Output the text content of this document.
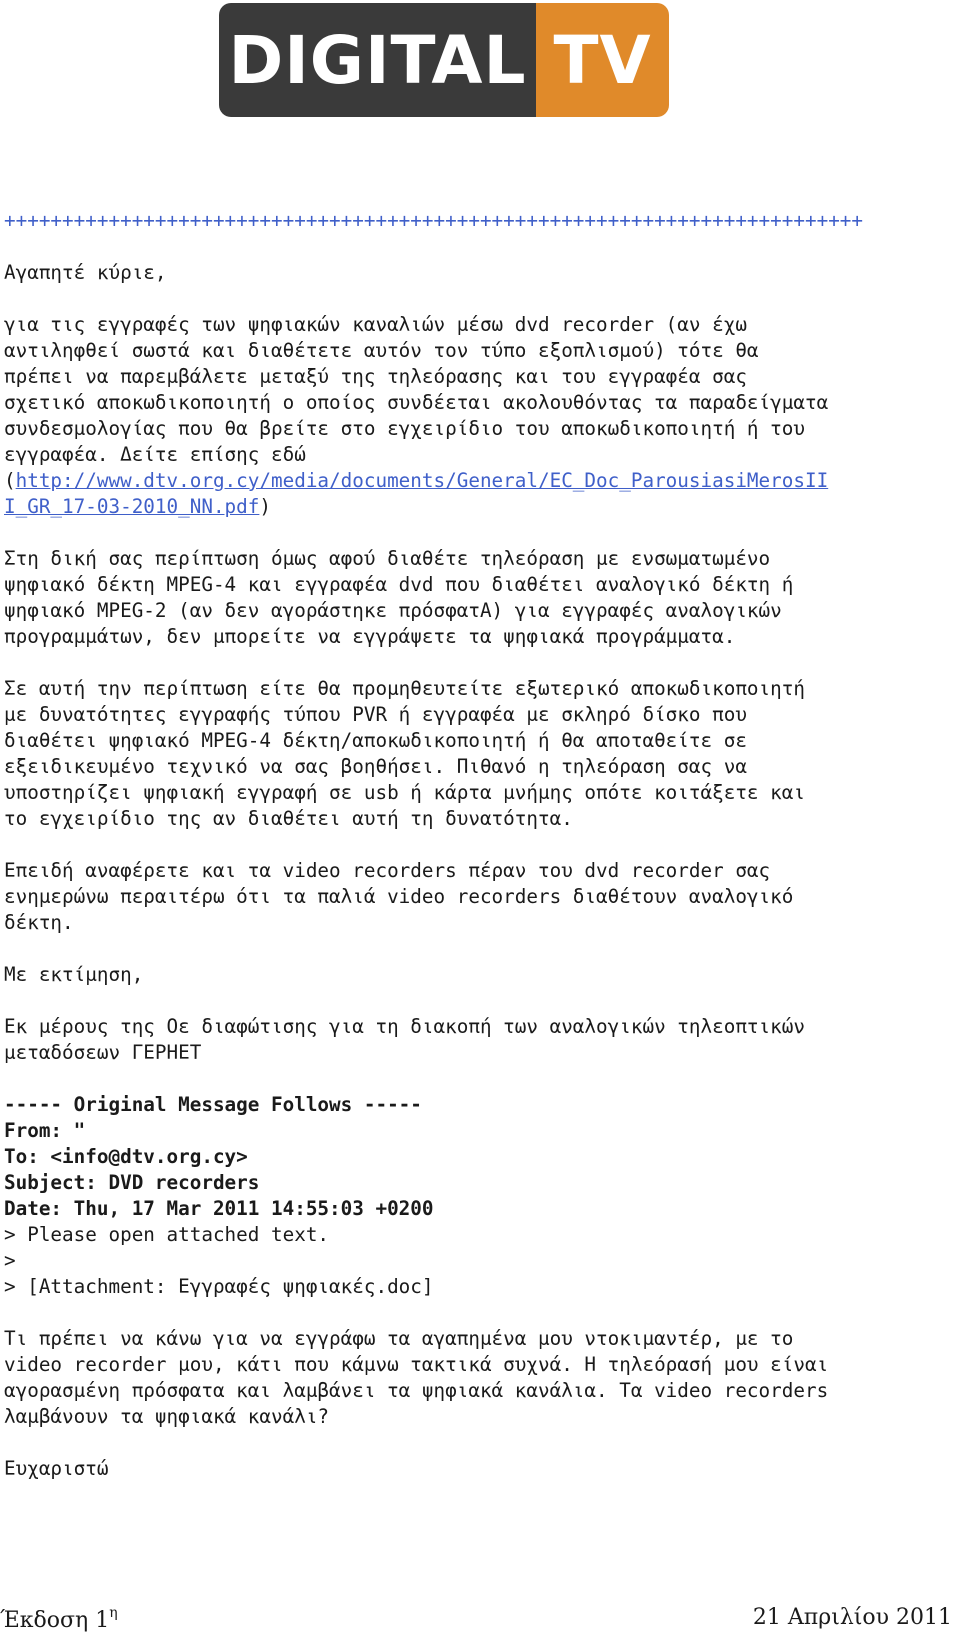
DIGITAL TV
++++++++++++++++++++++++++++++++++++++++++++++++++++++++++++++++++++++++++

Αγαπητέ κύριε,

για τις εγγραφές των ψηφιακών καναλιών μέσω dvd recorder (αν έχω

αντιληφθεί σωστά και διαθέτετε αυτόν τον τύπο εξοπλισμού) τότε θα

πρέπει να παρεμβάλετε μεταξύ της τηλεόρασης και του εγγραφέα σας

σχετικό αποκωδικοποιητή ο οποίος συνδέεται ακολουθόντας τα παραδείγματα

συνδεσμολογίας που θα βρείτε στο εγχειρίδιο του αποκωδικοποιητή ή του

εγγραφέα. Δείτε επίσης εδώ

(http://www.dtv.org.cy/media/documents/General/EC_Doc_ParousiasiMerosII

I_GR_17-03-2010_NN.pdf)

Στη δική σας περίπτωση όμως αφού διαθέτε τηλεόραση με ενσωματωμένο

ψηφιακό δέκτη MPEG-4 και εγγραφέα dvd που διαθέτει αναλογικό δέκτη ή

ψηφιακό MPEG-2 (αν δεν αγοράστηκε πρόσφατA) για εγγραφές αναλογικών

προγραμμάτων, δεν μπορείτε να εγγράψετε τα ψηφιακά προγράμματα.

Σε αυτή την περίπτωση είτε θα προμηθευτείτε εξωτερικό αποκωδικοποιητή

με δυνατότητες εγγραφής τύπου PVR ή εγγραφέα με σκληρό δίσκο που

διαθέτει ψηφιακό MPEG-4 δέκτη/αποκωδικοποιητή ή θα αποταθείτε σε

εξειδικευμένο τεχνικό να σας βοηθήσει. Πιθανό η τηλεόραση σας να

υποστηρίζει ψηφιακή εγγραφή σε usb ή κάρτα μνήμης οπότε κοιτάξετε και

το εγχειρίδιο της αν διαθέτει αυτή τη δυνατότητα.

Επειδή αναφέρετε και τα video recorders πέραν του dvd recorder σας

ενημερώνω περαιτέρω ότι τα παλιά video recorders διαθέτουν αναλογικό

δέκτη.

Με εκτίμηση,

Εκ μέρους της Οε διαφώτισης για τη διακοπή των αναλογικών τηλεοπτικών

μεταδόσεων ΓΕΡΗΕΤ

----- Original Message Follows -----

From: "

To: <info@dtv.org.cy>

Subject: DVD recorders

Date: Thu, 17 Mar 2011 14:55:03 +0200

> Please open attached text.

>

> [Attachment: Εγγραφές ψηφιακές.doc]

Τι πρέπει να κάνω για να εγγράφω τα αγαπημένα μου ντοκιμαντέρ, με το

video recorder μου, κάτι που κάμνω τακτικά συχνά. Η τηλεόρασή μου είναι

αγορασμένη πρόσφατα και λαμβάνει τα ψηφιακά κανάλια. Τα video recorders

λαμβάνουν τα ψηφιακά κανάλι?

Ευχαριστώ

Έκδοση $1^\eta$	21 Απριλίου 2011
